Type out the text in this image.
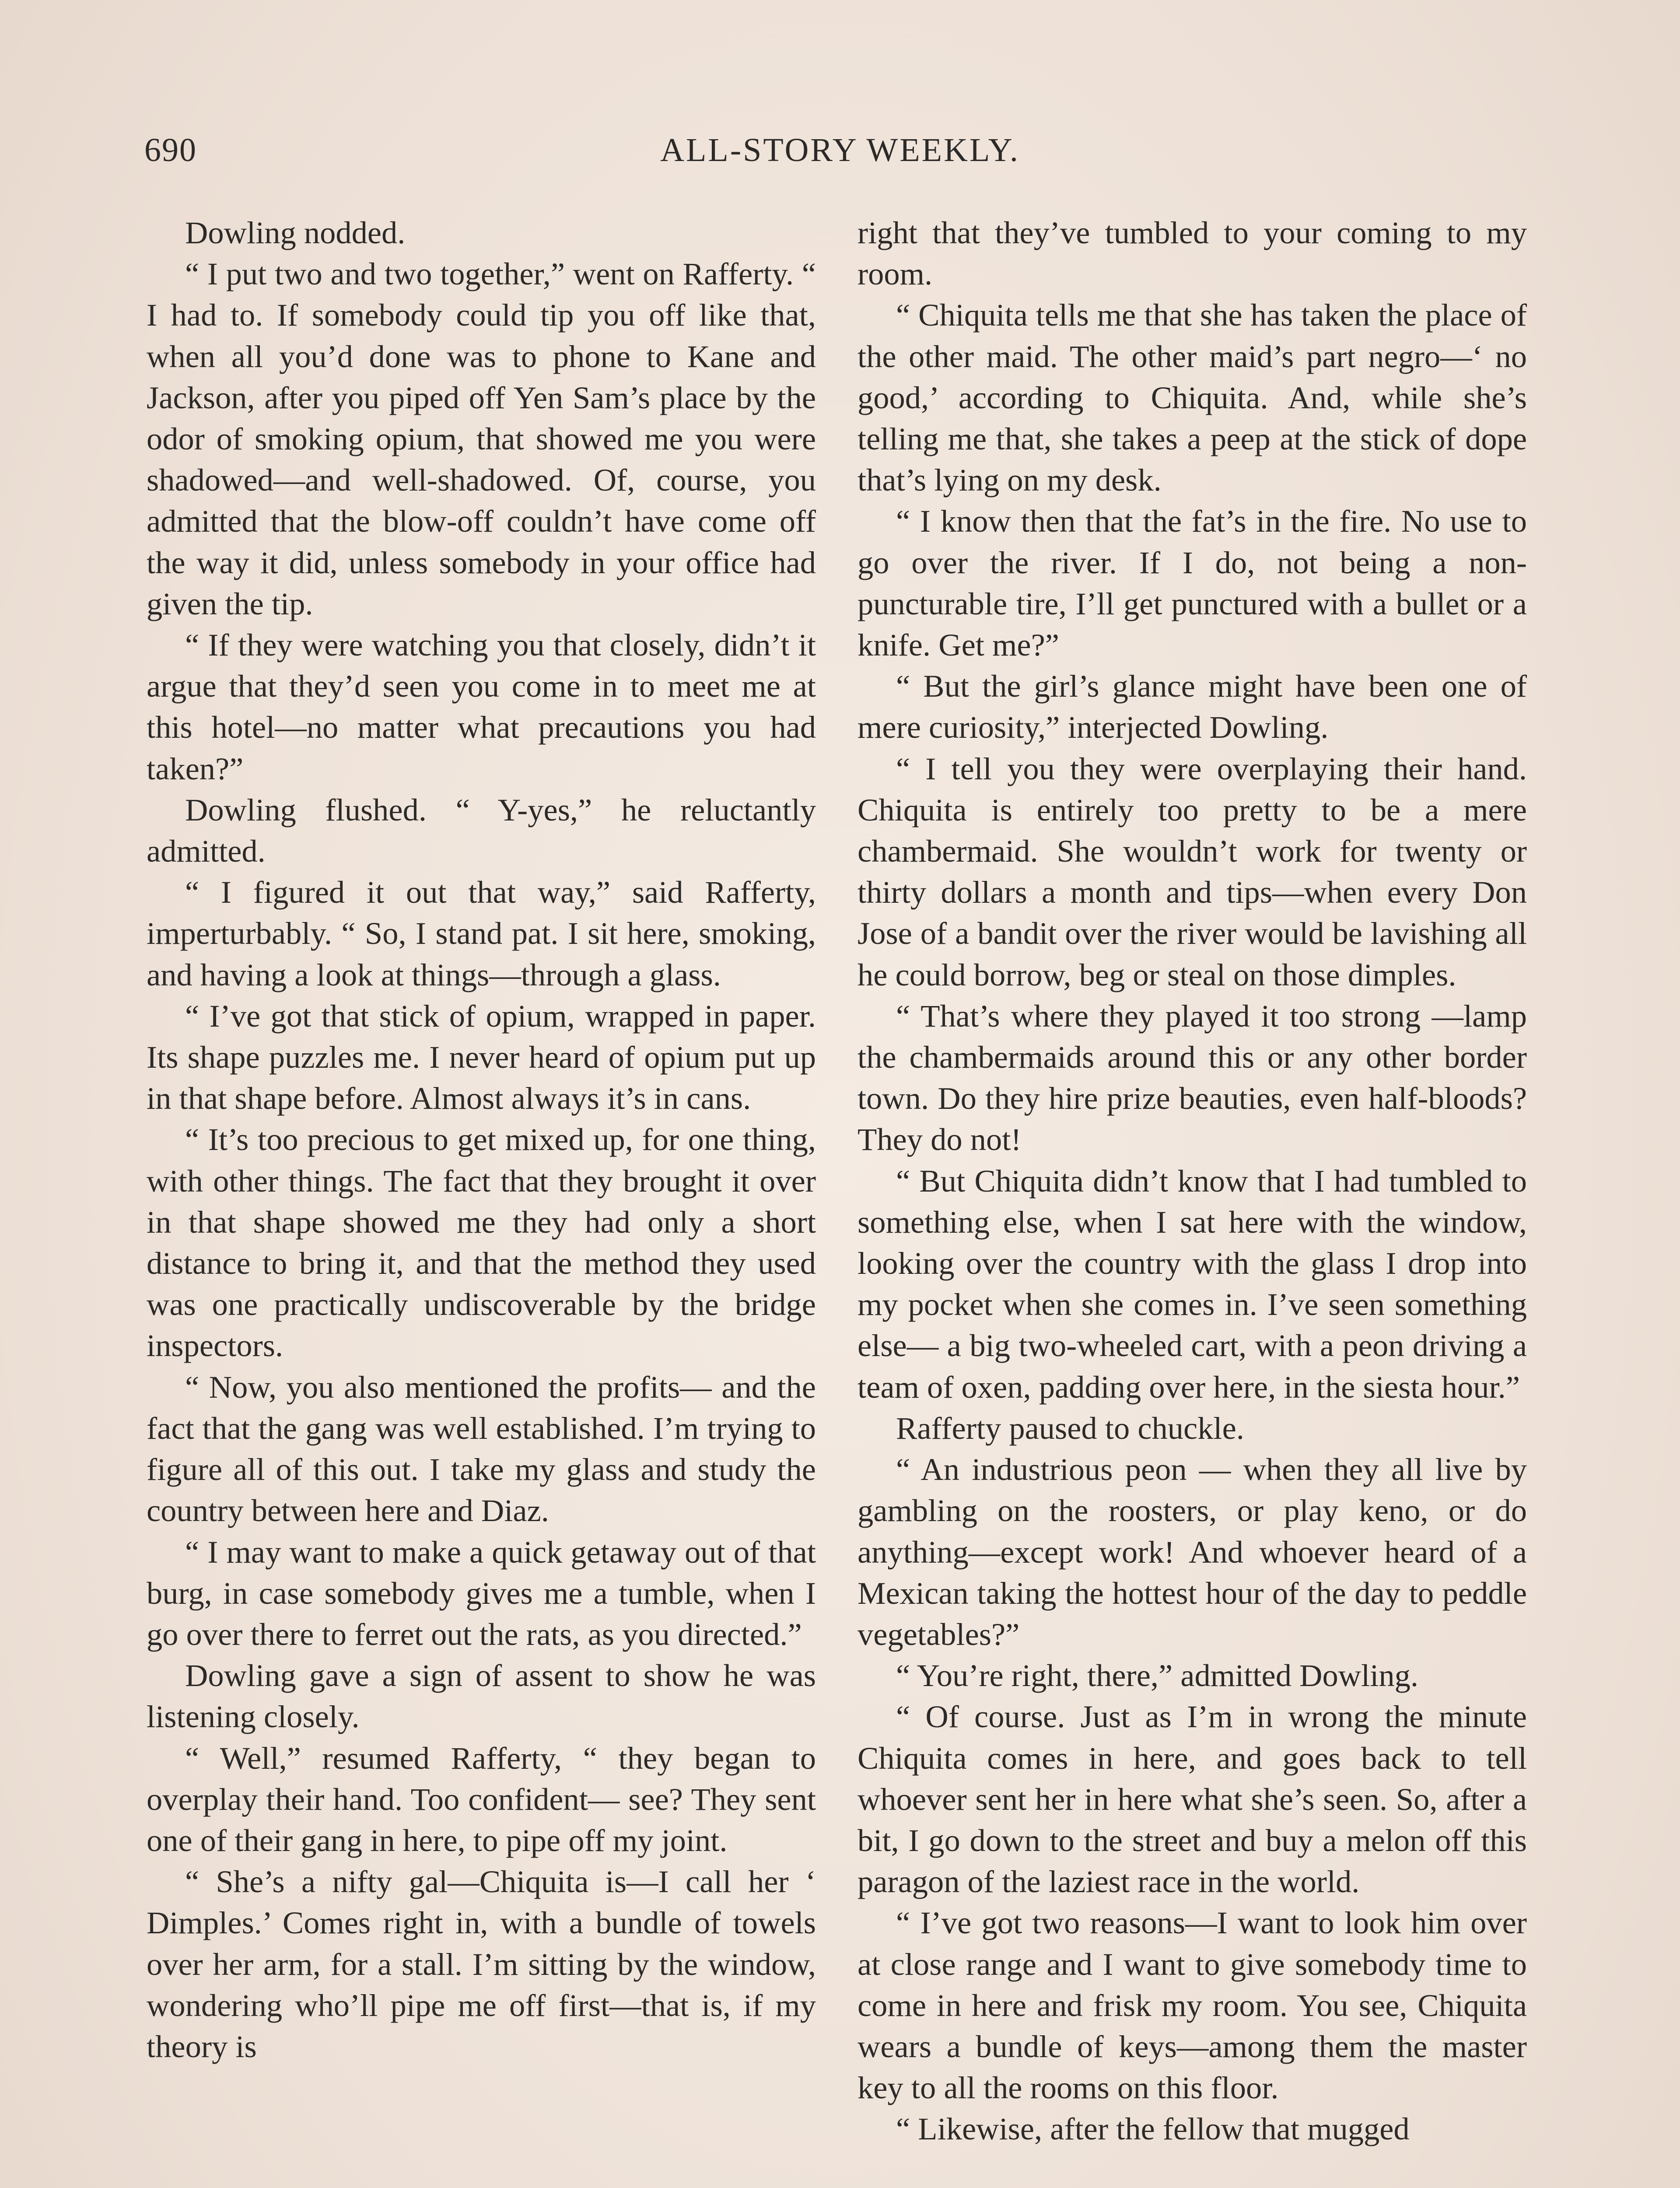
690	ALL-STORY WEEKLY.

Dowling nodded.

“ I put two and two together,” went on Rafferty. “ I had to. If somebody could tip you off like that, when all you’d done was to phone to Kane and Jackson, after you piped off Yen Sam’s place by the odor of smoking opium, that showed me you were shadowed—and well-shadowed. Of, course, you admitted that the blow-off couldn’t have come off the way it did, unless somebody in your office had given the tip.

“ If they were watching you that closely, didn’t it argue that they’d seen you come in to meet me at this hotel—no matter what precautions you had taken?”

Dowling flushed. “ Y-yes,” he reluctantly admitted.

“ I figured it out that way,” said Rafferty, imperturbably. “ So, I stand pat. I sit here, smoking, and having a look at things—through a glass.

“ I’ve got that stick of opium, wrapped in paper. Its shape puzzles me. I never heard of opium put up in that shape before. Almost always it’s in cans.

“ It’s too precious to get mixed up, for one thing, with other things. The fact that they brought it over in that shape showed me they had only a short distance to bring it, and that the method they used was one practically undiscoverable by the bridge inspectors.

“ Now, you also mentioned the profits— and the fact that the gang was well established. I’m trying to figure all of this out. I take my glass and study the country between here and Diaz.

“ I may want to make a quick getaway out of that burg, in case somebody gives me a tumble, when I go over there to ferret out the rats, as you directed.”

Dowling gave a sign of assent to show he was listening closely.

“ Well,” resumed Rafferty, “ they began to overplay their hand. Too confident— see? They sent one of their gang in here, to pipe off my joint.

“ She’s a nifty gal—Chiquita is—I call her ‘ Dimples.’ Comes right in, with a bundle of towels over her arm, for a stall. I’m sitting by the window, wondering who’ll pipe me off first—that is, if my theory is

right that they’ve tumbled to your coming to my room.

“ Chiquita tells me that she has taken the place of the other maid. The other maid’s part negro—‘ no good,’ according to Chiquita. And, while she’s telling me that, she takes a peep at the stick of dope that’s lying on my desk.

“ I know then that the fat’s in the fire. No use to go over the river. If I do, not being a non-puncturable tire, I’ll get punctured with a bullet or a knife. Get me?”

“ But the girl’s glance might have been one of mere curiosity,” interjected Dowling.

“ I tell you they were overplaying their hand. Chiquita is entirely too pretty to be a mere chambermaid. She wouldn’t work for twenty or thirty dollars a month and tips—when every Don Jose of a bandit over the river would be lavishing all he could borrow, beg or steal on those dimples.

“ That’s where they played it too strong —lamp the chambermaids around this or any other border town. Do they hire prize beauties, even half-bloods? They do not!

“ But Chiquita didn’t know that I had tumbled to something else, when I sat here with the window, looking over the country with the glass I drop into my pocket when she comes in. I’ve seen something else— a big two-wheeled cart, with a peon driving a team of oxen, padding over here, in the siesta hour.”

Rafferty paused to chuckle.

“ An industrious peon — when they all live by gambling on the roosters, or play keno, or do anything—except work! And whoever heard of a Mexican taking the hottest hour of the day to peddle vegetables?”

“ You’re right, there,” admitted Dowling.

“ Of course. Just as I’m in wrong the minute Chiquita comes in here, and goes back to tell whoever sent her in here what she’s seen. So, after a bit, I go down to the street and buy a melon off this paragon of the laziest race in the world.

“ I’ve got two reasons—I want to look him over at close range and I want to give somebody time to come in here and frisk my room. You see, Chiquita wears a bundle of keys—among them the master key to all the rooms on this floor.

“ Likewise, after the fellow that mugged
